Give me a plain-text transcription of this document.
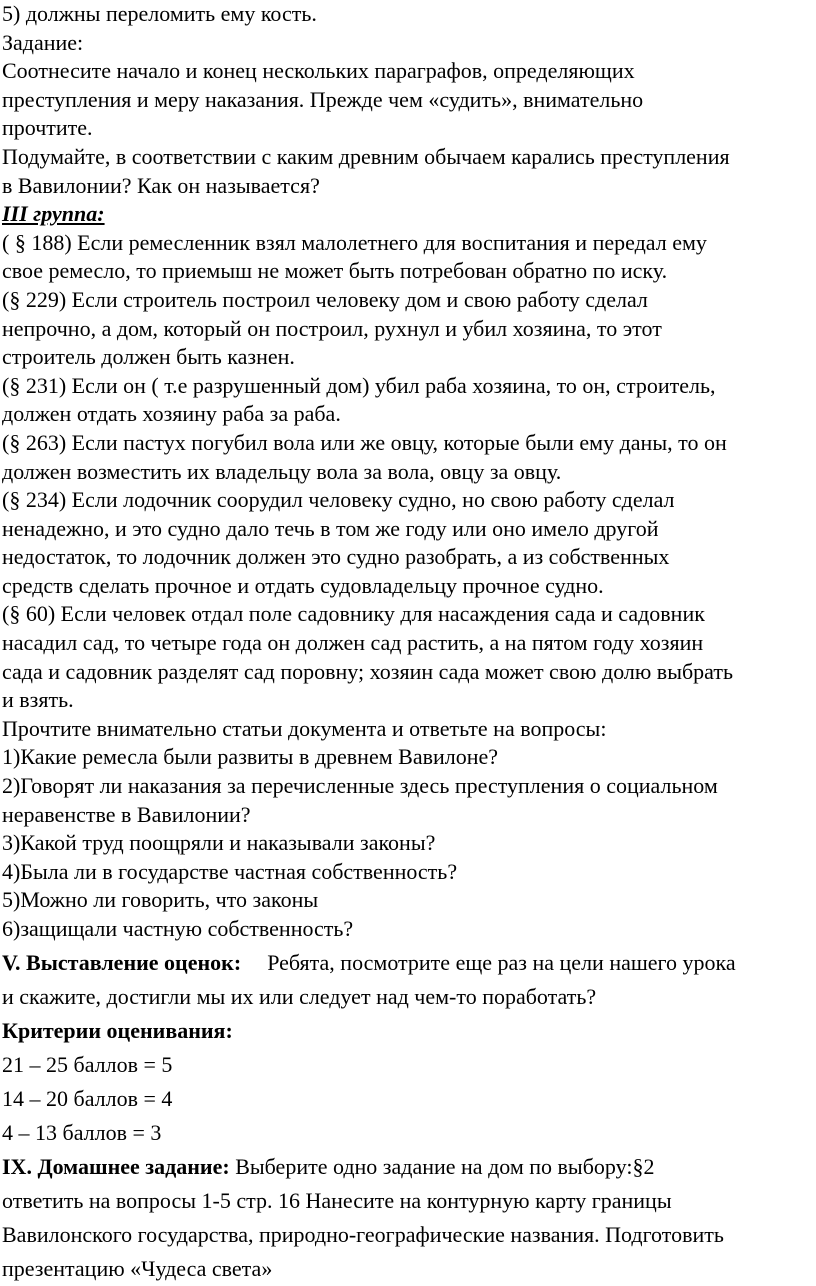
5) должны переломить ему кость.
Задание:
Соотнесите начало и конец нескольких параграфов, определяющих
преступления и меру наказания. Прежде чем «судить», внимательно
прочтите.
Подумайте, в соответствии с каким древним обычаем карались преступления
в Вавилонии? Как он называется?
III группа:
( § 188) Если ремесленник взял малолетнего для воспитания и передал ему
свое ремесло, то приемыш не может быть потребован обратно по иску.
(§ 229) Если строитель построил человеку дом и свою работу сделал
непрочно, а дом, который он построил, рухнул и убил хозяина, то этот
строитель должен быть казнен.
(§ 231) Если он ( т.е разрушенный дом) убил раба хозяина, то он, строитель,
должен отдать хозяину раба за раба.
(§ 263) Если пастух погубил вола или же овцу, которые были ему даны, то он
должен возместить их владельцу вола за вола, овцу за овцу.
(§ 234) Если лодочник соорудил человеку судно, но свою работу сделал
ненадежно, и это судно дало течь в том же году или оно имело другой
недостаток, то лодочник должен это судно разобрать, а из собственных
средств сделать прочное и отдать судовладельцу прочное судно.
(§ 60) Если человек отдал поле садовнику для насаждения сада и садовник
насадил сад, то четыре года он должен сад растить, а на пятом году хозяин
сада и садовник разделят сад поровну; хозяин сада может свою долю выбрать
и взять.
Прочтите внимательно статьи документа и ответьте на вопросы:
1)Какие ремесла были развиты в древнем Вавилоне?
2)Говорят ли наказания за перечисленные здесь преступления о социальном
неравенстве в Вавилонии?
3)Какой труд поощряли и наказывали законы?
4)Была ли в государстве частная собственность?
5)Можно ли говорить, что законы
6)защищали частную собственность?
V. Выставление оценок: Ребята, посмотрите еще раз на цели нашего урока
и скажите, достигли мы их или следует над чем-то поработать?
Критерии оценивания:
21 – 25 баллов = 5
14 – 20 баллов = 4
4 – 13 баллов = 3
IX. Домашнее задание: Выберите одно задание на дом по выбору:§2
ответить на вопросы 1-5 стр. 16 Нанесите на контурную карту границы
Вавилонского государства, природно-географические названия. Подготовить
презентацию «Чудеса света»
